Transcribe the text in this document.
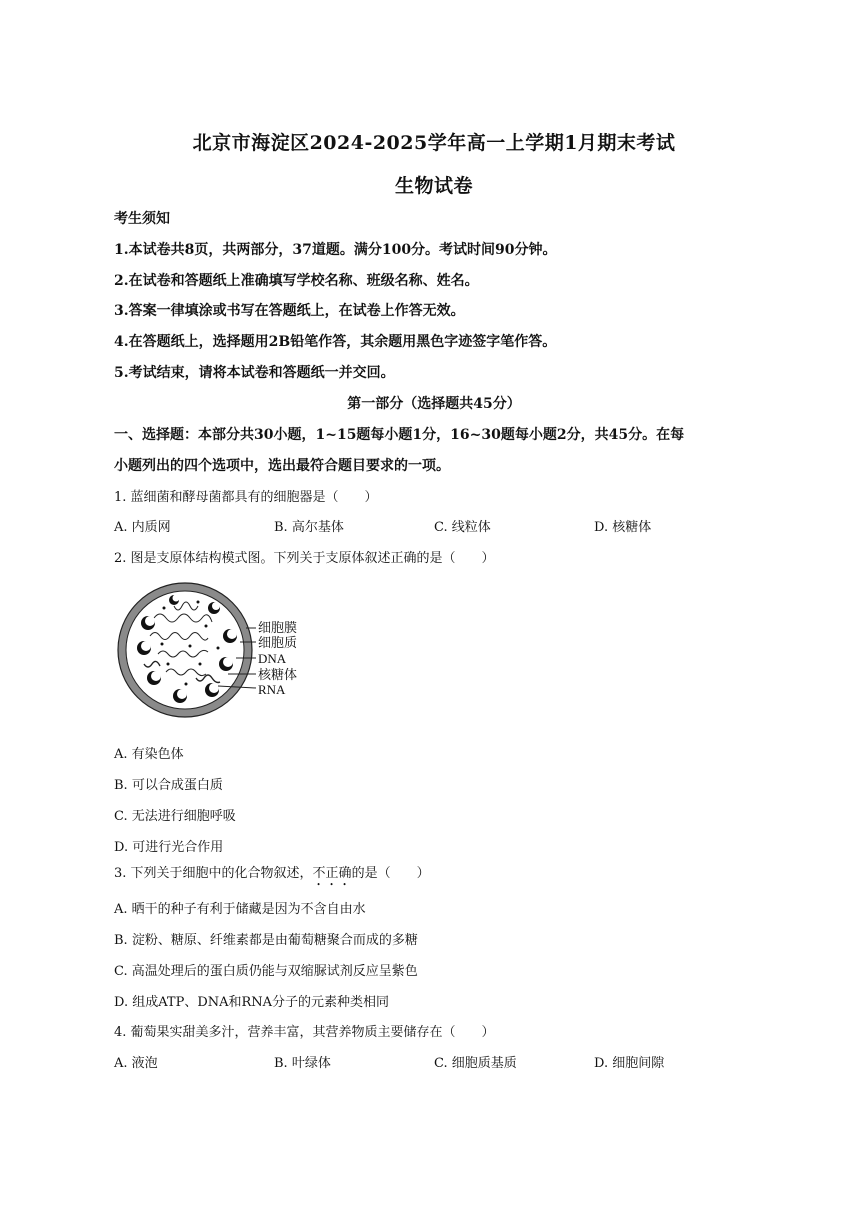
北京市海淀区2024-2025学年高一上学期1月期末考试
生物试卷
考生须知
1.本试卷共8页，共两部分，37道题。满分100分。考试时间90分钟。
2.在试卷和答题纸上准确填写学校名称、班级名称、姓名。
3.答案一律填涂或书写在答题纸上，在试卷上作答无效。
4.在答题纸上，选择题用2B铅笔作答，其余题用黑色字迹签字笔作答。
5.考试结束，请将本试卷和答题纸一并交回。
第一部分（选择题共45分）
一、选择题：本部分共30小题，1~15题每小题1分，16~30题每小题2分，共45分。在每
小题列出的四个选项中，选出最符合题目要求的一项。
1. 蓝细菌和酵母菌都具有的细胞器是（　　）
A. 内质网	B. 高尔基体	C. 线粒体	D. 核糖体
2. 图是支原体结构模式图。下列关于支原体叙述正确的是（　　）
细胞膜
细胞质
DNA
核糖体
RNA
A. 有染色体
B. 可以合成蛋白质
C. 无法进行细胞呼吸
D. 可进行光合作用
3. 下列关于细胞中的化合物叙述，不正确的是（　　）
A. 晒干的种子有利于储藏是因为不含自由水
B. 淀粉、糖原、纤维素都是由葡萄糖聚合而成的多糖
C. 高温处理后的蛋白质仍能与双缩脲试剂反应呈紫色
D. 组成ATP、DNA和RNA分子的元素种类相同
4. 葡萄果实甜美多汁，营养丰富，其营养物质主要储存在（　　）
A. 液泡	B. 叶绿体	C. 细胞质基质	D. 细胞间隙
